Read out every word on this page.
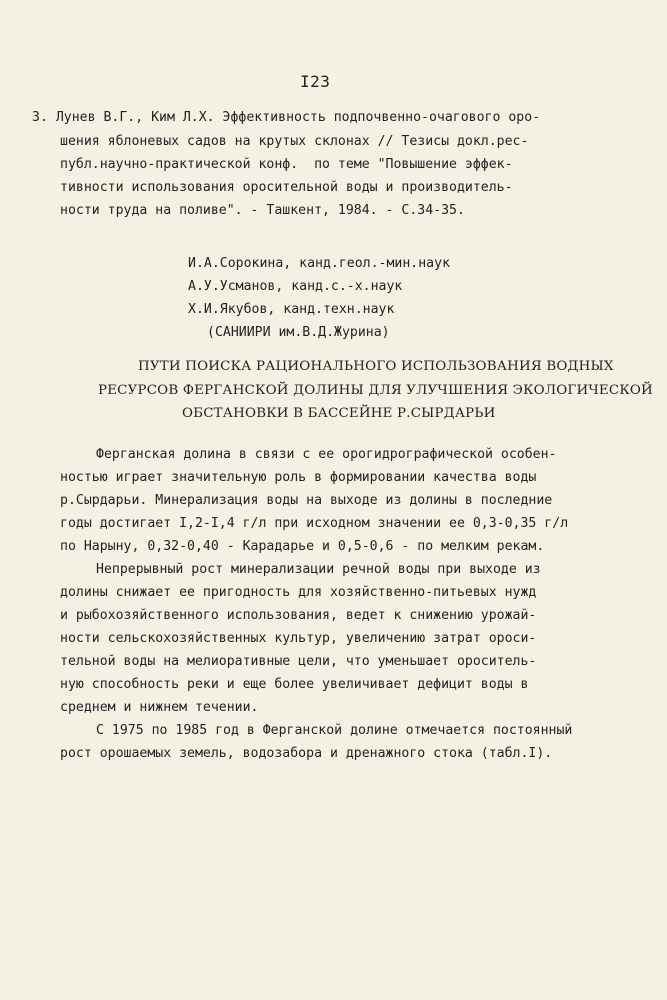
I23
3. Лунев В.Г., Ким Л.Х. Эффективность подпочвенно-очагового оро-
шения яблоневых садов на крутых склонах // Тезисы докл.рес-
публ.научно-практической конф.  по теме "Повышение эффек-
тивности использования оросительной воды и производитель-
ности труда на поливе". - Ташкент, 1984. - С.34-35.
И.А.Сорокина, канд.геол.-мин.наук
А.У.Усманов, канд.с.-х.наук
Х.И.Якубов, канд.техн.наук
(САНИИРИ им.В.Д.Журина)
ПУТИ ПОИСКА РАЦИОНАЛЬНОГО ИСПОЛЬЗОВАНИЯ ВОДНЫХ
РЕСУРСОВ ФЕРГАНСКОЙ ДОЛИНЫ ДЛЯ УЛУЧШЕНИЯ ЭКОЛОГИЧЕСКОЙ
ОБСТАНОВКИ В БАССЕЙНЕ Р.СЫРДАРЬИ
Ферганская долина в связи с ее орогидрографической особен-
ностью играет значительную роль в формировании качества воды
р.Сырдарьи. Минерализация воды на выходе из долины в последние
годы достигает I,2-I,4 г/л при исходном значении ее 0,3-0,35 г/л
по Нарыну, 0,32-0,40 - Карадарье и 0,5-0,6 - по мелким рекам.
Непрерывный рост минерализации речной воды при выходе из
долины снижает ее пригодность для хозяйственно-питьевых нужд
и рыбохозяйственного использования, ведет к снижению урожай-
ности сельскохозяйственных культур, увеличению затрат ороси-
тельной воды на мелиоративные цели, что уменьшает ороситель-
ную способность реки и еще более увеличивает дефицит воды в
среднем и нижнем течении.
С 1975 по 1985 год в Ферганской долине отмечается постоянный
рост орошаемых земель, водозабора и дренажного стока (табл.I).
